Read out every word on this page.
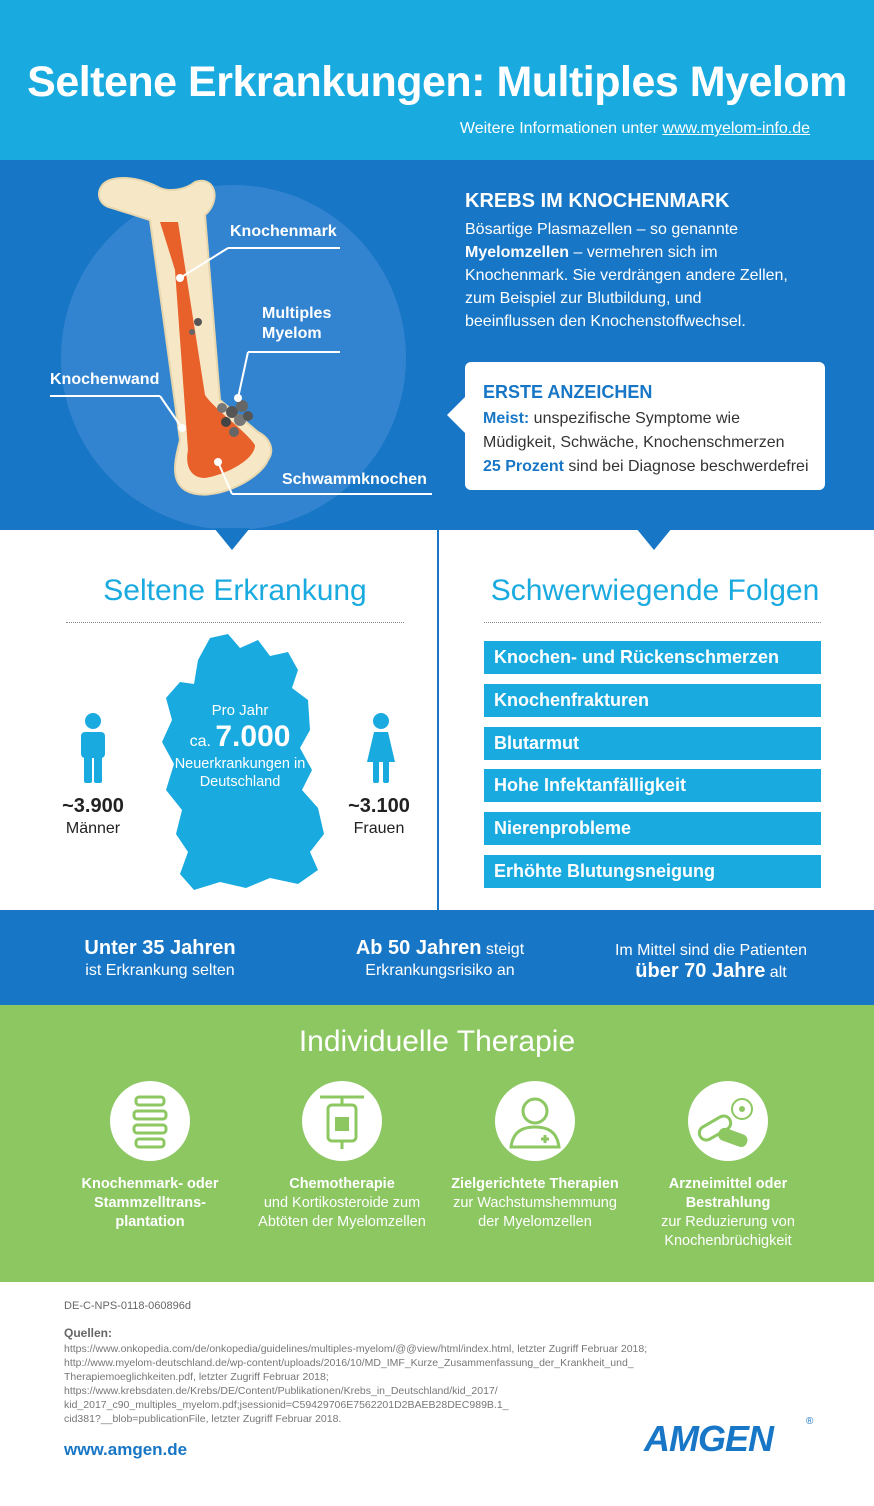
Seltene Erkrankungen: Multiples Myelom
Weitere Informationen unter www.myelom-info.de
Knochenmark
Multiples
Myelom
Knochenwand
Schwammknochen
KREBS IM KNOCHENMARK
Bösartige Plasmazellen – so genannte
Myelomzellen – vermehren sich im Knochenmark. Sie verdrängen andere Zellen, zum Beispiel zur Blutbildung, und beeinflussen den Knochenstoffwechsel.
ERSTE ANZEICHEN
Meist: unspezifische Symptome wie
Müdigkeit, Schwäche, Knochenschmerzen
25 Prozent sind bei Diagnose beschwerdefrei
Seltene Erkrankung
Pro Jahr
ca. 7.000
Neuerkrankungen in
Deutschland
~3.900
Männer
~3.100
Frauen
Schwerwiegende Folgen
Knochen- und Rückenschmerzen
Knochenfrakturen
Blutarmut
Hohe Infektanfälligkeit
Nierenprobleme
Erhöhte Blutungsneigung
Unter 35 Jahren
ist Erkrankung selten
Ab 50 Jahren steigt
Erkrankungsrisiko an
Im Mittel sind die Patienten
über 70 Jahre alt
Individuelle Therapie
Knochenmark- oder Stammzelltrans- plantation
Chemotherapie
und Kortikosteroide zum Abtöten der Myelomzellen
Zielgerichtete Therapien
zur Wachstumshemmung der Myelomzellen
Arzneimittel oder Bestrahlung
zur Reduzierung von Knochenbrüchigkeit
DE-C-NPS-0118-060896d
Quellen:
https://www.onkopedia.com/de/onkopedia/guidelines/multiples-myelom/@@view/html/index.html, letzter Zugriff Februar 2018;
http://www.myelom-deutschland.de/wp-content/uploads/2016/10/MD_IMF_Kurze_Zusammenfassung_der_Krankheit_und_
Therapiemoeglichkeiten.pdf, letzter Zugriff Februar 2018;
https://www.krebsdaten.de/Krebs/DE/Content/Publikationen/Krebs_in_Deutschland/kid_2017/
kid_2017_c90_multiples_myelom.pdf;jsessionid=C59429706E7562201D2BAEB28DEC989B.1_
cid381?__blob=publicationFile, letzter Zugriff Februar 2018.
www.amgen.de	AMGEN	®
